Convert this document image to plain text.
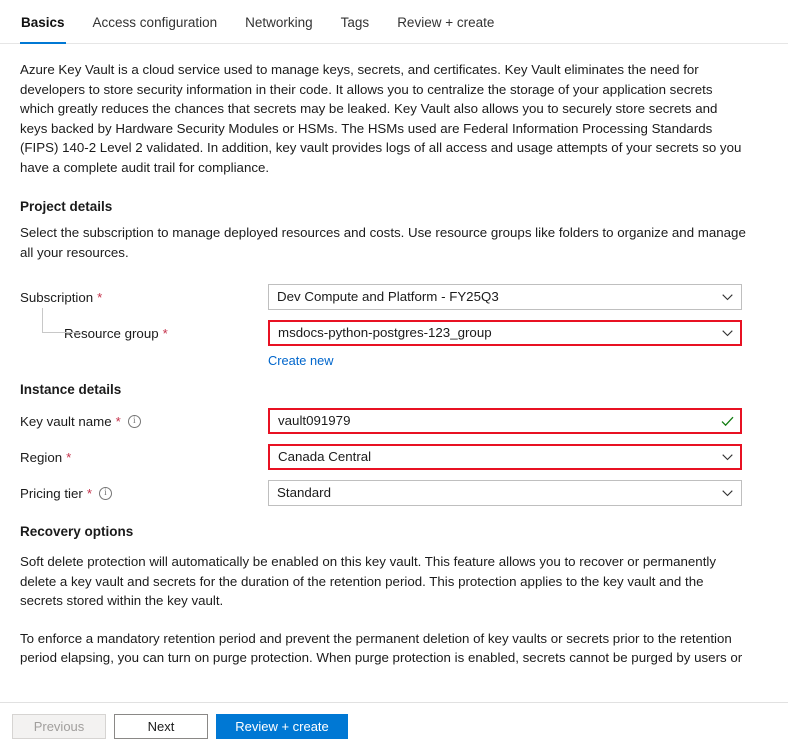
Basics Access configuration Networking Tags Review + create

Azure Key Vault is a cloud service used to manage keys, secrets, and certificates. Key Vault eliminates the need for developers to store security information in their code. It allows you to centralize the storage of your application secrets which greatly reduces the chances that secrets may be leaked. Key Vault also allows you to securely store secrets and keys backed by Hardware Security Modules or HSMs. The HSMs used are Federal Information Processing Standards (FIPS) 140-2 Level 2 validated. In addition, key vault provides logs of all access and usage attempts of your secrets so you have a complete audit trail for compliance.

Project details

Select the subscription to manage deployed resources and costs. Use resource groups like folders to organize and manage all your resources.

Subscription *	Dev Compute and Platform - FY25Q3
Resource group *	msdocs-python-postgres-123_group
Create new
Instance details
Key vault name *	i	vault091979
Region *	Canada Central
Pricing tier *	i	Standard
Recovery options

Soft delete protection will automatically be enabled on this key vault. This feature allows you to recover or permanently delete a key vault and secrets for the duration of the retention period. This protection applies to the key vault and the secrets stored within the key vault.

To enforce a mandatory retention period and prevent the permanent deletion of key vaults or secrets prior to the retention period elapsing, you can turn on purge protection. When purge protection is enabled, secrets cannot be purged by users or

Previous	Next	Review + create
